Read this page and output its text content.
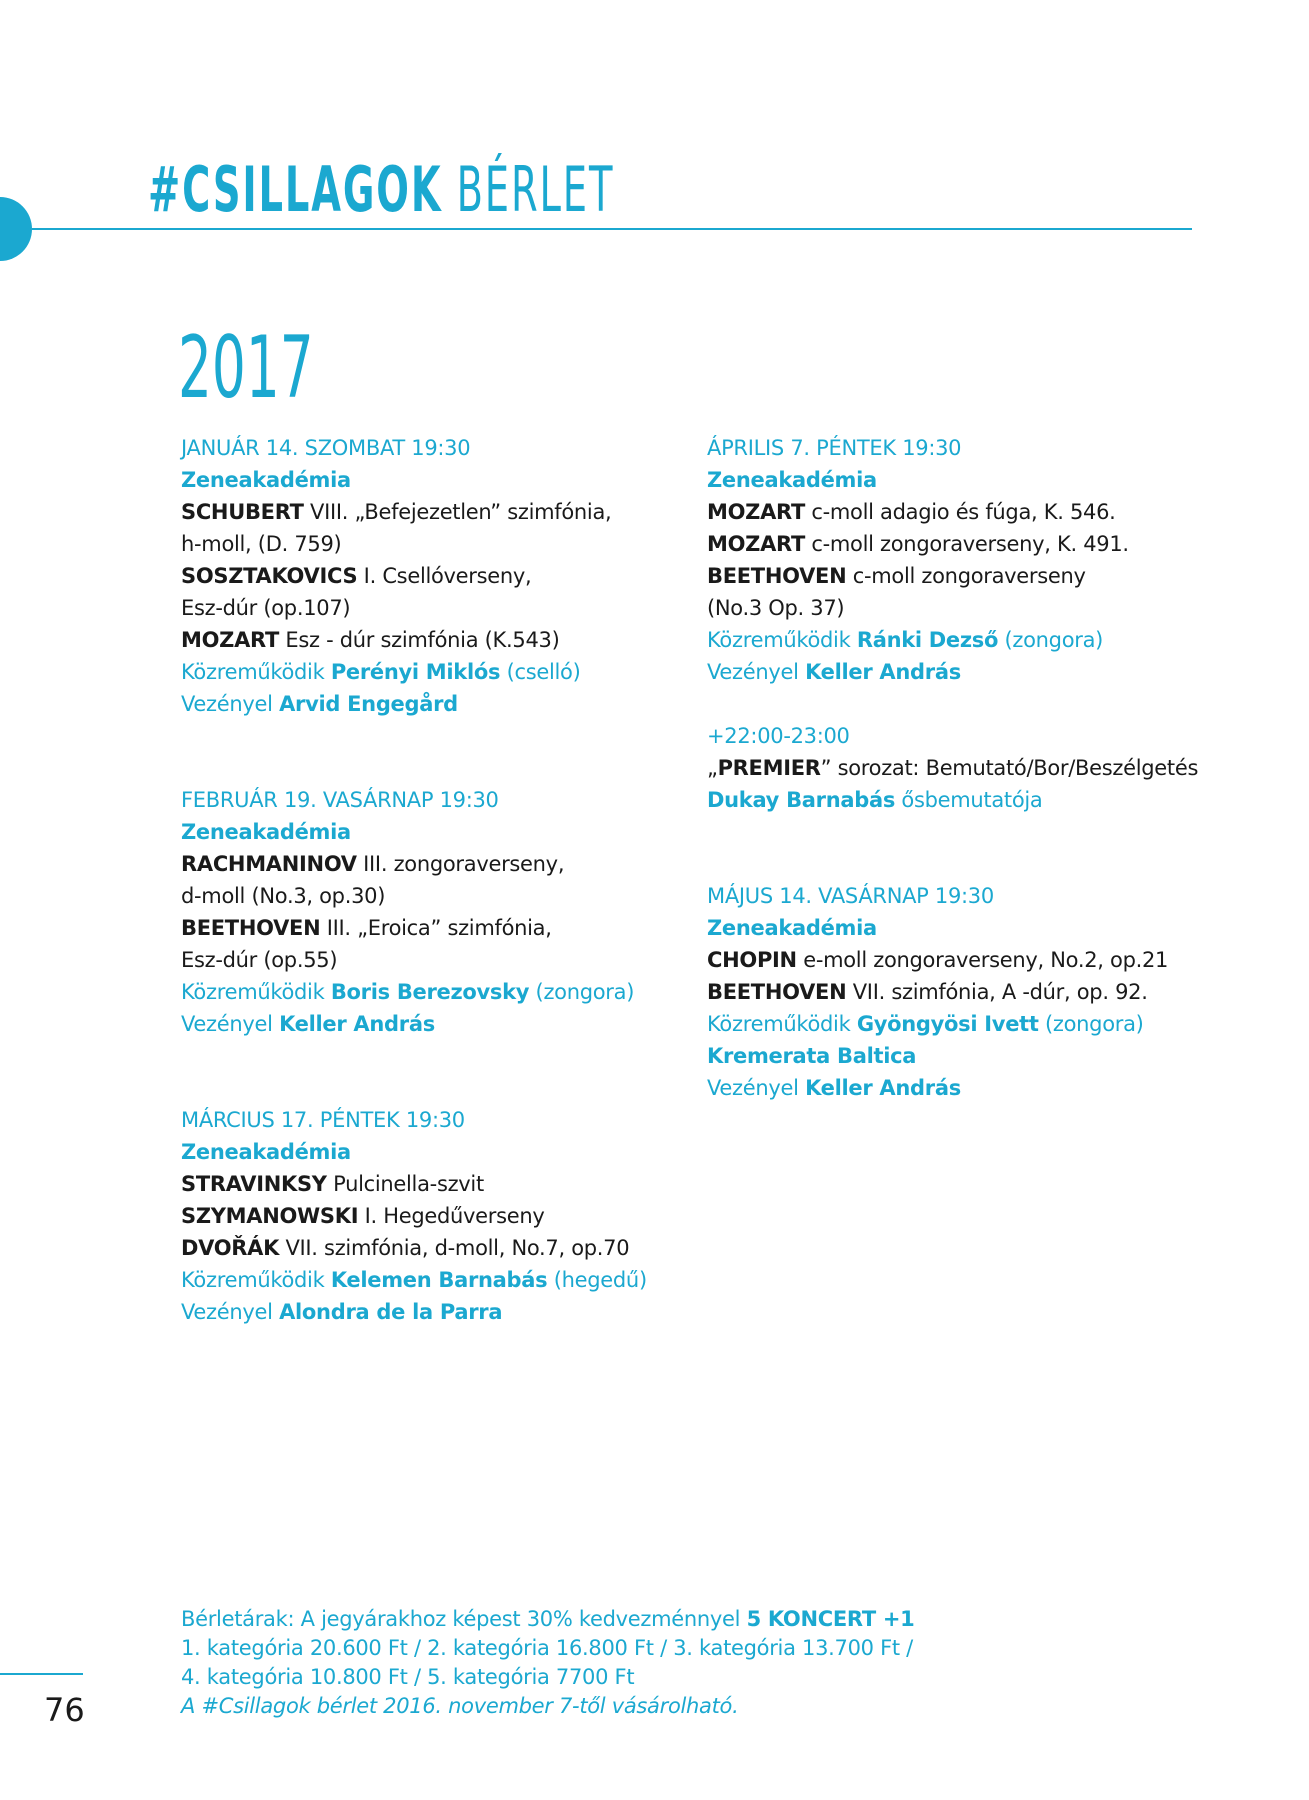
#CSILLAGOK BÉRLET
2017
JANUÁR 14. SZOMBAT 19:30
Zeneakadémia
SCHUBERT VIII. „Befejezetlen” szimfónia,
h-moll, (D. 759)
SOSZTAKOVICS I. Csellóverseny,
Esz-dúr (op.107)
MOZART Esz - dúr szimfónia (K.543)
Közreműködik Perényi Miklós (cselló)
Vezényel Arvid Engegård
FEBRUÁR 19. VASÁRNAP 19:30
Zeneakadémia
RACHMANINOV III. zongoraverseny,
d-moll (No.3, op.30)
BEETHOVEN III. „Eroica” szimfónia,
Esz-dúr (op.55)
Közreműködik Boris Berezovsky (zongora)
Vezényel Keller András
MÁRCIUS 17. PÉNTEK 19:30
Zeneakadémia
STRAVINKSY Pulcinella-szvit
SZYMANOWSKI I. Hegedűverseny
DVOŘÁK VII. szimfónia, d-moll, No.7, op.70
Közreműködik Kelemen Barnabás (hegedű)
Vezényel Alondra de la Parra
ÁPRILIS 7. PÉNTEK 19:30
Zeneakadémia
MOZART c-moll adagio és fúga, K. 546.
MOZART c-moll zongoraverseny, K. 491.
BEETHOVEN c-moll zongoraverseny
(No.3 Op. 37)
Közreműködik Ránki Dezső (zongora)
Vezényel Keller András
+22:00-23:00
„PREMIER” sorozat: Bemutató/Bor/Beszélgetés
Dukay Barnabás ősbemutatója
MÁJUS 14. VASÁRNAP 19:30
Zeneakadémia
CHOPIN e-moll zongoraverseny, No.2, op.21
BEETHOVEN VII. szimfónia, A -dúr, op. 92.
Közreműködik Gyöngyösi Ivett (zongora)
Kremerata Baltica
Vezényel Keller András
Bérletárak: A jegyárakhoz képest 30% kedvezménnyel 5 KONCERT +1
1. kategória 20.600 Ft / 2. kategória 16.800 Ft / 3. kategória 13.700 Ft /
4. kategória 10.800 Ft / 5. kategória 7700 Ft
A #Csillagok bérlet 2016. november 7-től vásárolható.
76
